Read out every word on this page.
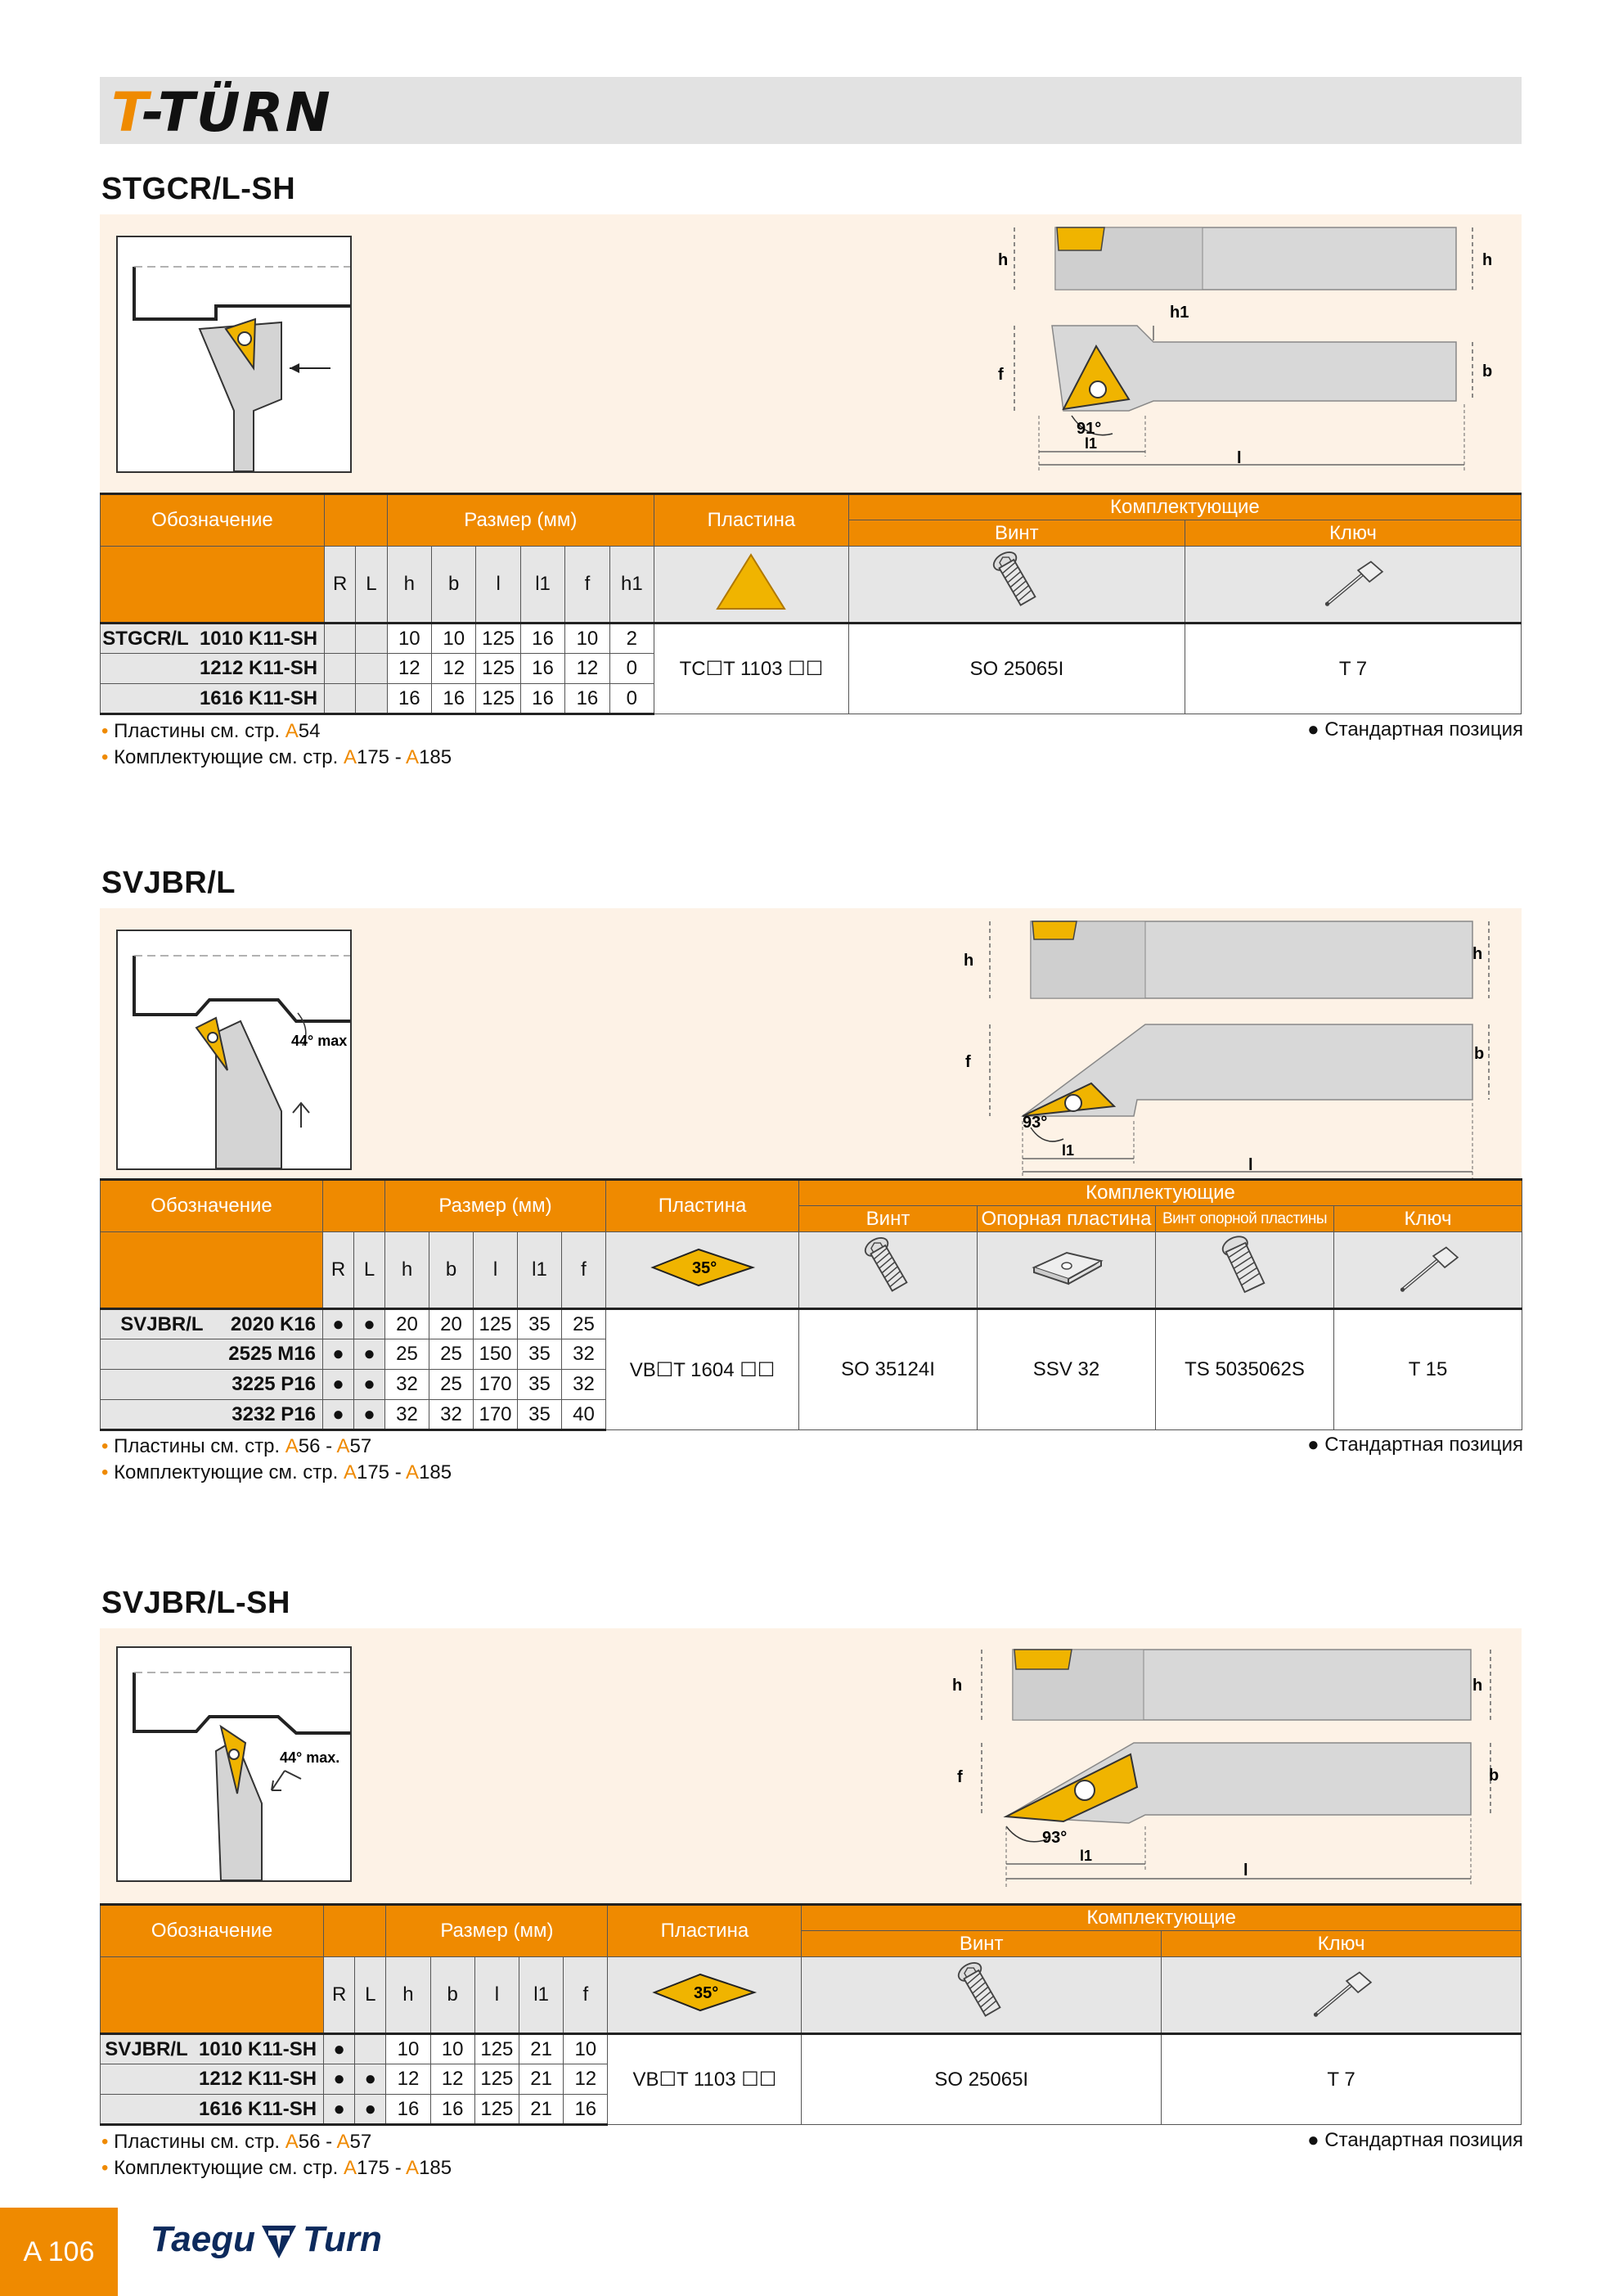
T-TÜRN
STGCR/L-SH
h	h
h1
f	b
91°
l1
l
Обозначение			Размер (мм)						Пластина	Комплектующие	
										Винт	Ключ
	R	L	h	b	l	l1	f	h1			
STGCR/L 1010 K11-SH			10	10	125	16	10	2	TC☐T 1103 ☐☐	SO 25065I	T 7
1212 K11-SH			12	12	125	16	12	0			
1616 K11-SH			16	16	125	16	16	0			
• Пластины см. стр. A54
• Комплектующие см. стр. A175 - A185
● Стандартная позиция
SVJBR/L
44° max
h	h
f	b
93°
l1
l
Обозначение			Размер (мм)					Пластина	Комплектующие			
									Винт	Опорная пластина	Винт опорной пластины	Ключ
	R	L	h	b	l	l1	f	35°

SVJBR/L 2020 K16	●	●	20	20	125	35	25	VB☐T 1604 ☐☐	SO 35124I	SSV 32	TS 5035062S	T 15
2525 M16	●	●	25	25	150	35	32					
3225 P16	●	●	32	25	170	35	32					
3232 P16	●	●	32	32	170	35	40					
• Пластины см. стр. A56 - A57
• Комплектующие см. стр. A175 - A185
● Стандартная позиция
SVJBR/L-SH
44° max.
h	h
f	b
93°
l1
l
Обозначение			Размер (мм)					Пластина	Комплектующие	
									Винт	Ключ
	R	L	h	b	l	l1	f	35°

SVJBR/L 1010 K11-SH	●		10	10	125	21	10	VB☐T 1103 ☐☐	SO 25065I	T 7
1212 K11-SH	●	●	12	12	125	21	12			
1616 K11-SH	●	●	16	16	125	21	16			
• Пластины см. стр. A56 - A57
• Комплектующие см. стр. A175 - A185
● Стандартная позиция
A 106	Taegu Turn
